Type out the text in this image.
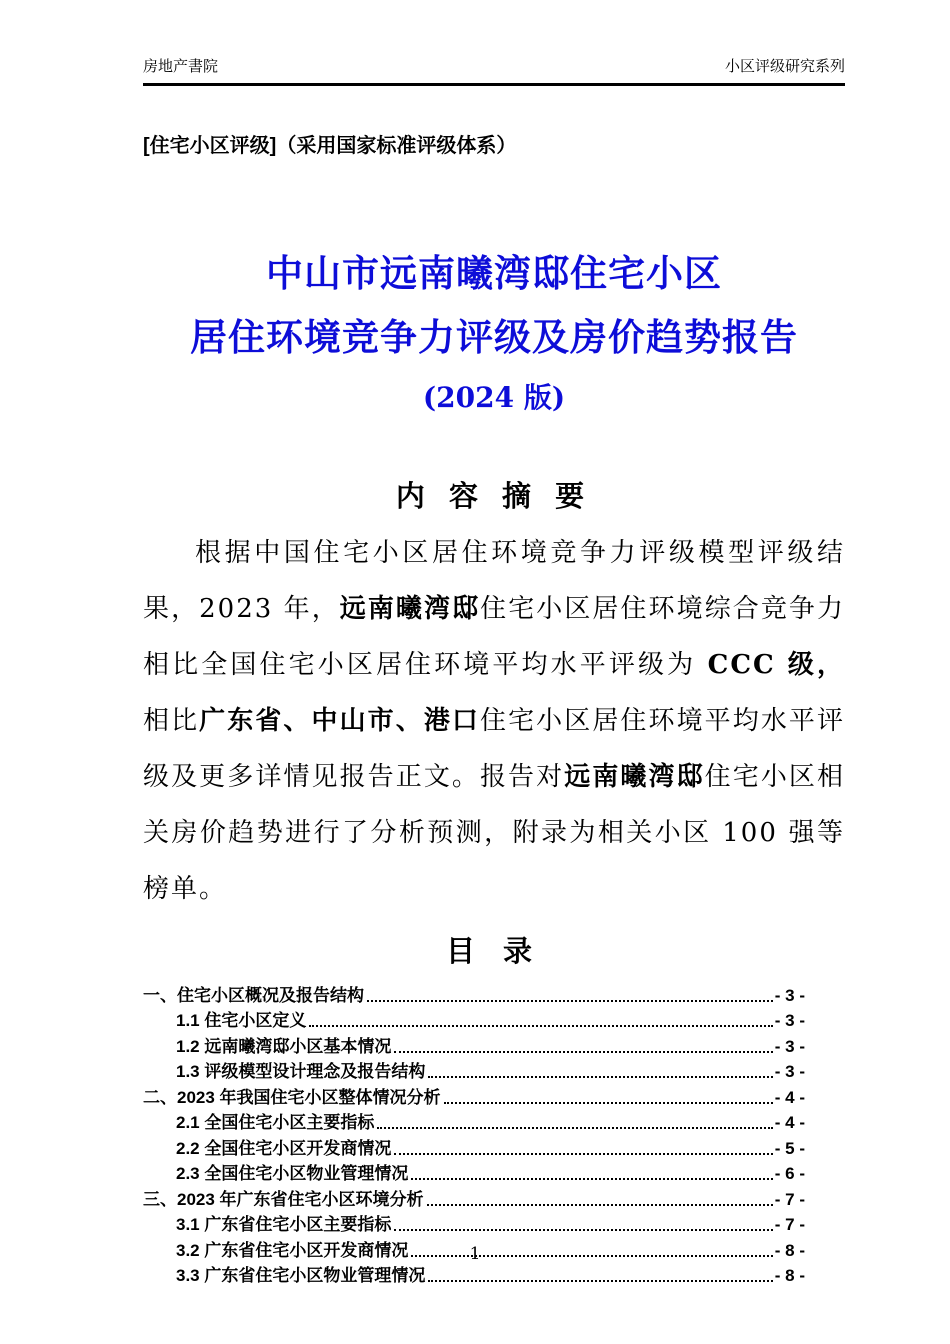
房地产書院	小区评级研究系列
[住宅小区评级]（采用国家标准评级体系）
中山市远南曦湾邸住宅小区
居住环境竞争力评级及房价趋势报告
(2024 版)
内 容 摘 要

根据中国住宅小区居住环境竞争力评级模型评级结果，2023 年，远南曦湾邸住宅小区居住环境综合竞争力相比全国住宅小区居住环境平均水平评级为 CCC 级，相比广东省、中山市、港口住宅小区居住环境平均水平评级及更多详情见报告正文。报告对远南曦湾邸住宅小区相关房价趋势进行了分析预测，附录为相关小区 100 强等榜单。

目 录
一、住宅小区概况及报告结构	- 3 -
1.1 住宅小区定义	- 3 -
1.2 远南曦湾邸小区基本情况	- 3 -
1.3 评级模型设计理念及报告结构	- 3 -
二、2023 年我国住宅小区整体情况分析	- 4 -
2.1 全国住宅小区主要指标	- 4 -
2.2 全国住宅小区开发商情况	- 5 -
2.3 全国住宅小区物业管理情况	- 6 -
三、2023 年广东省住宅小区环境分析	- 7 -
3.1 广东省住宅小区主要指标	- 7 -
3.2 广东省住宅小区开发商情况	- 8 -
3.3 广东省住宅小区物业管理情况	- 8 -
1
